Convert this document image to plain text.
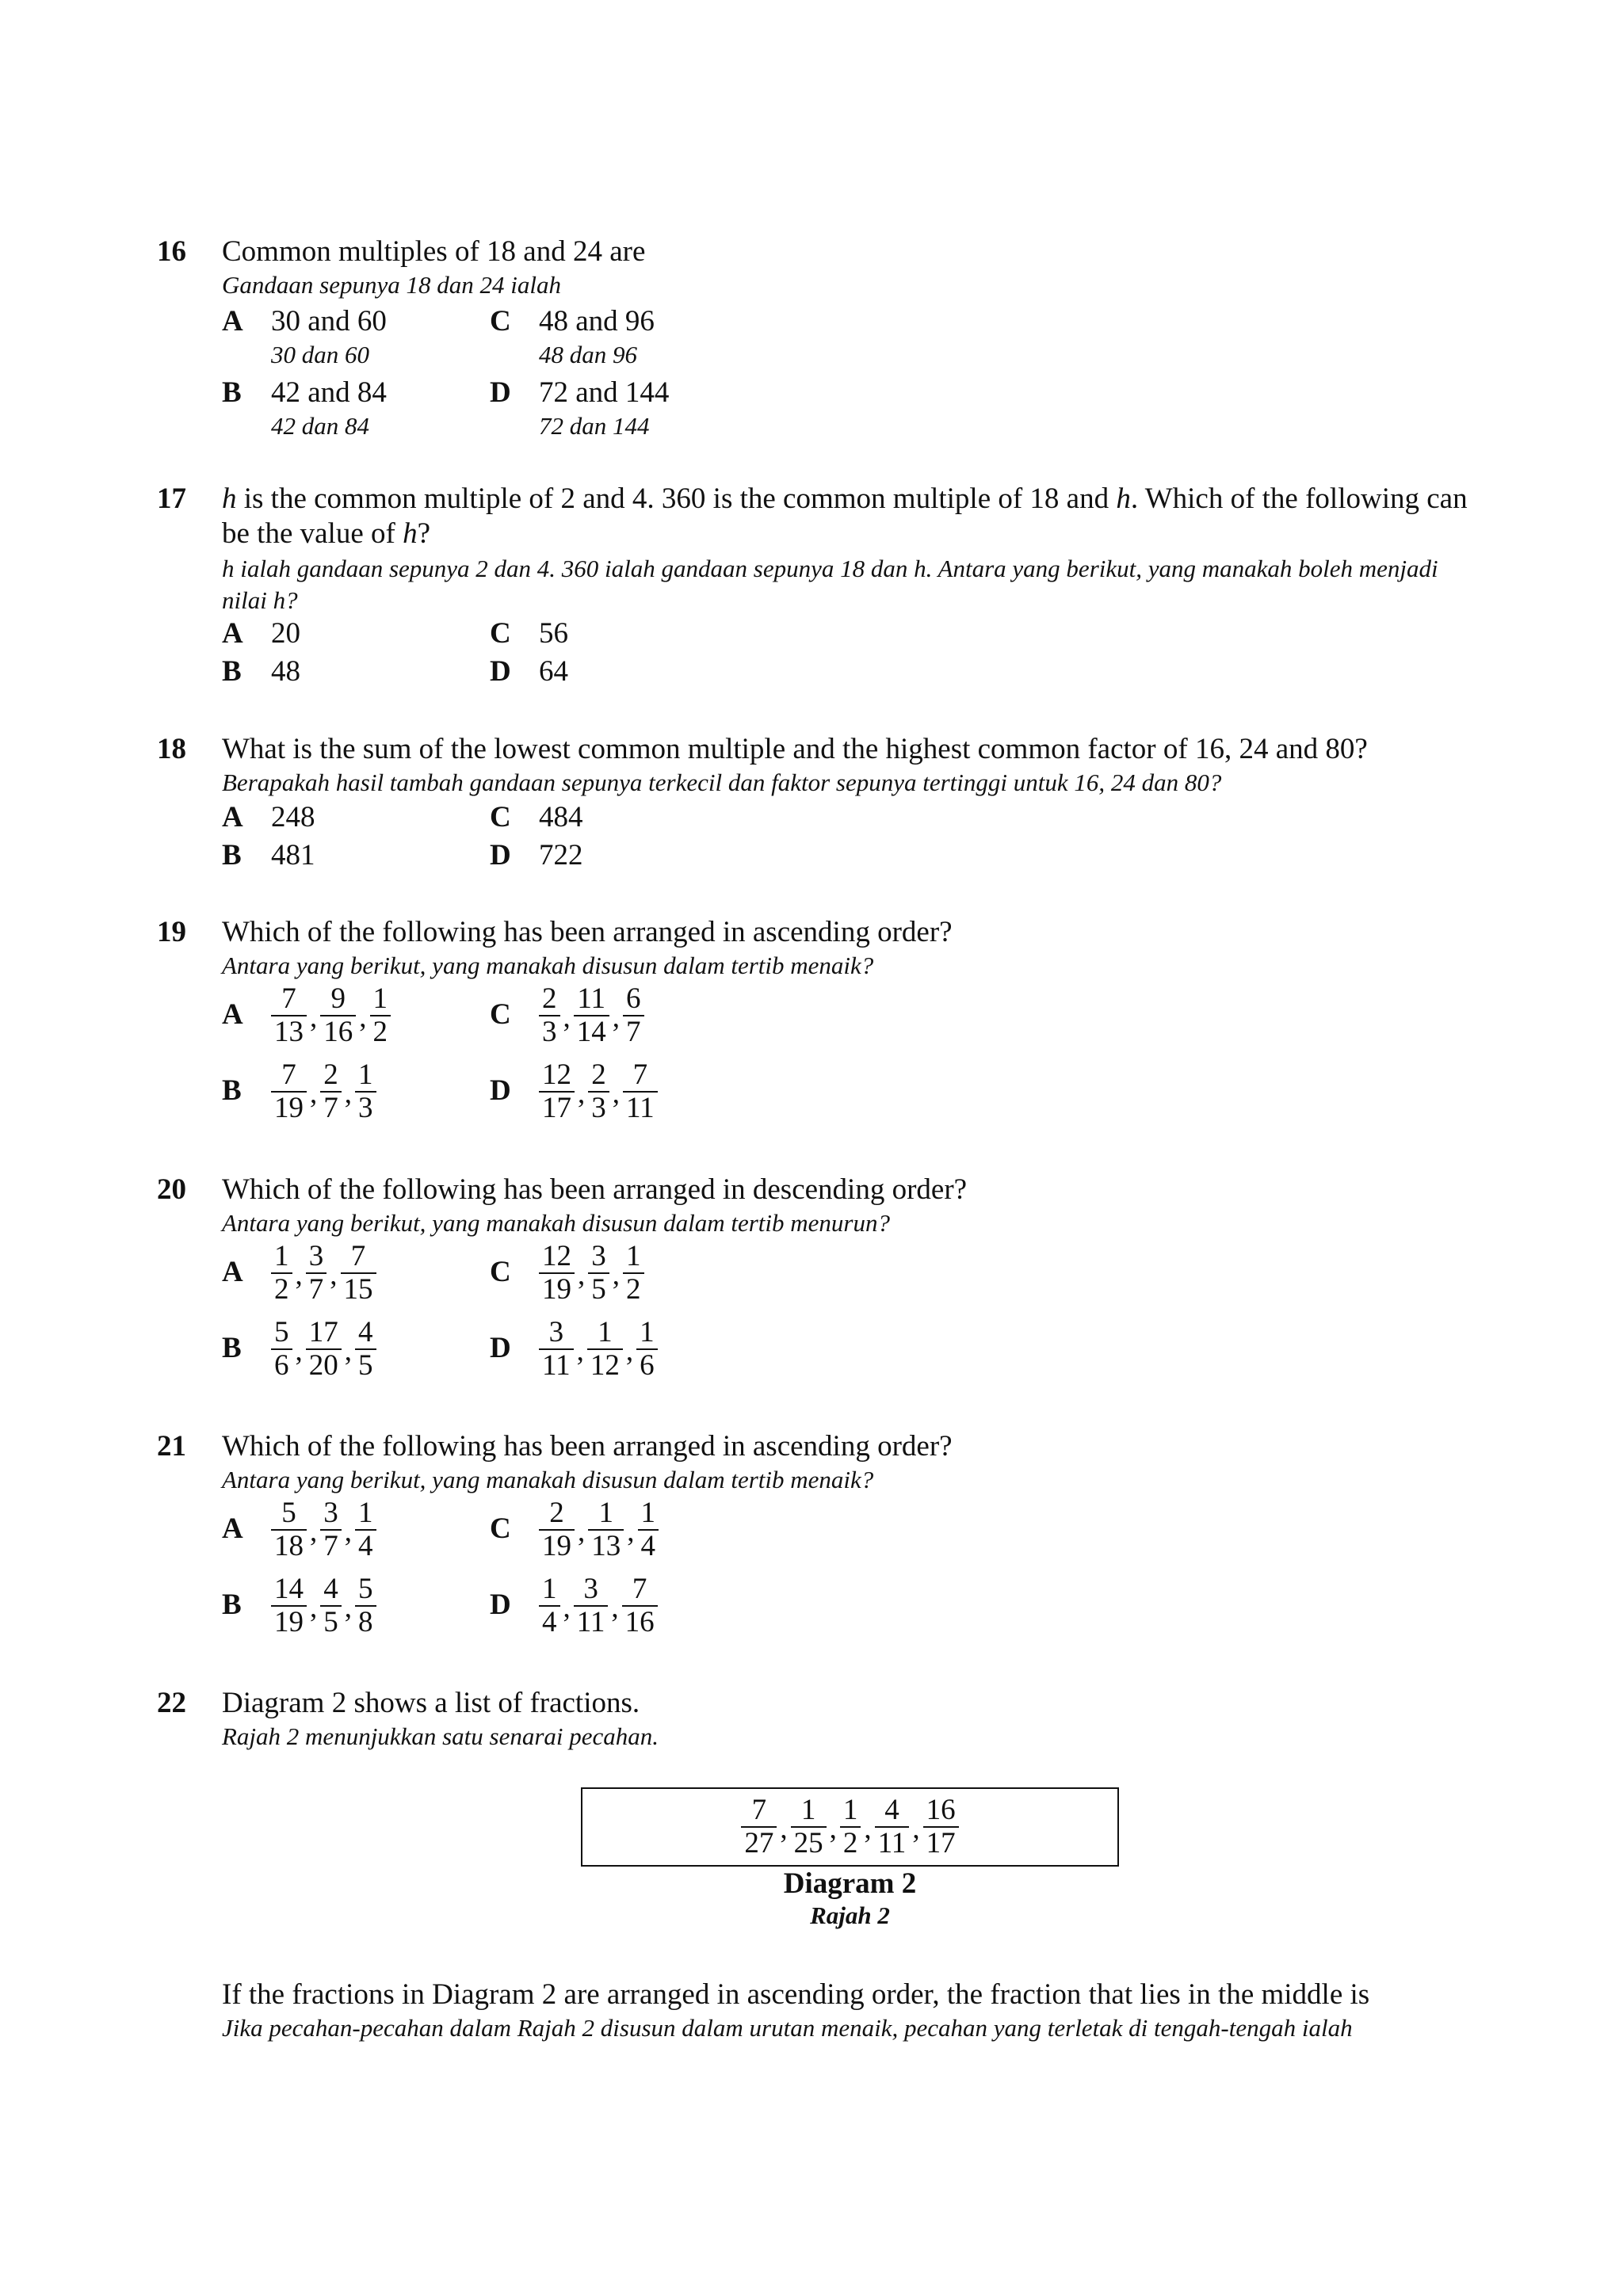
16 Common multiples of 18 and 24 are
Gandaan sepunya 18 dan 24 ialah
A 30 and 60
30 dan 60
C 48 and 96
48 dan 96
B 42 and 84
42 dan 84
D 72 and 144
72 dan 144
17 h is the common multiple of 2 and 4. 360 is the common multiple of 18 and h. Which of the following can be the value of h?
h ialah gandaan sepunya 2 dan 4. 360 ialah gandaan sepunya 18 dan h. Antara yang berikut, yang manakah boleh menjadi nilai h?
A 20	C 56
B 48	D 64
18 What is the sum of the lowest common multiple and the highest common factor of 16, 24 and 80?
Berapakah hasil tambah gandaan sepunya terkecil dan faktor sepunya tertinggi untuk 16, 24 dan 80?
A 248	C 484
B 481	D 722
19 Which of the following has been arranged in ascending order?
Antara yang berikut, yang manakah disusun dalam tertib menaik?
A $\frac{7}{13}$ , $\frac{9}{16}$ , $\frac{1}{2}$	C $\frac{2}{3}$ , $\frac{11}{14}$ , $\frac{6}{7}$
B $\frac{7}{19}$ , $\frac{2}{7}$ , $\frac{1}{3}$	D $\frac{12}{17}$ , $\frac{2}{3}$ , $\frac{7}{11}$
20 Which of the following has been arranged in descending order?
Antara yang berikut, yang manakah disusun dalam tertib menurun?
A $\frac{1}{2}$ , $\frac{3}{7}$ , $\frac{7}{15}$	C $\frac{12}{19}$ , $\frac{3}{5}$ , $\frac{1}{2}$
B $\frac{5}{6}$ , $\frac{17}{20}$ , $\frac{4}{5}$	D $\frac{3}{11}$ , $\frac{1}{12}$ , $\frac{1}{6}$
21 Which of the following has been arranged in ascending order?
Antara yang berikut, yang manakah disusun dalam tertib menaik?
A $\frac{5}{18}$ , $\frac{3}{7}$ , $\frac{1}{4}$	C $\frac{2}{19}$ , $\frac{1}{13}$ , $\frac{1}{4}$
B $\frac{14}{19}$ , $\frac{4}{5}$ , $\frac{5}{8}$	D $\frac{1}{4}$ , $\frac{3}{11}$ , $\frac{7}{16}$
22 Diagram 2 shows a list of fractions.
Rajah 2 menunjukkan satu senarai pecahan.
$\frac{7}{27}$ , $\frac{1}{25}$ , $\frac{1}{2}$ , $\frac{4}{11}$ , $\frac{16}{17}$
Diagram 2
Rajah 2
If the fractions in Diagram 2 are arranged in ascending order, the fraction that lies in the middle is
Jika pecahan-pecahan dalam Rajah 2 disusun dalam urutan menaik, pecahan yang terletak di tengah-tengah ialah
